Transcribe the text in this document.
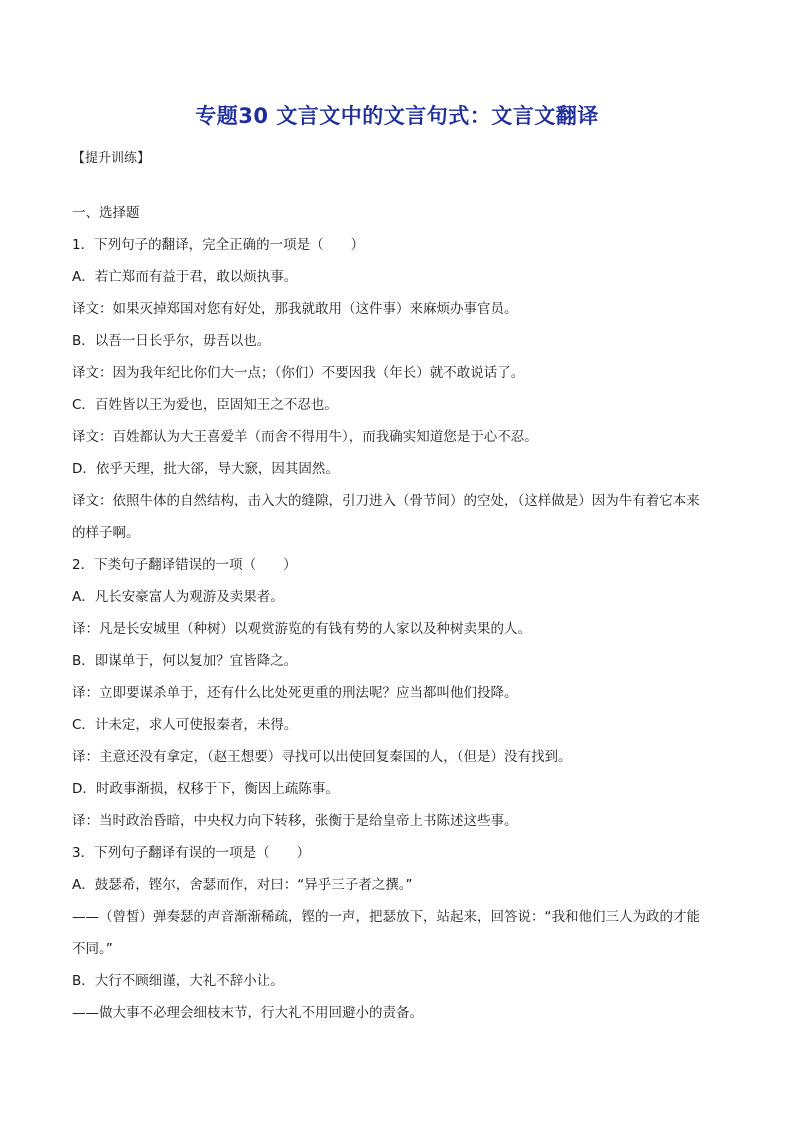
专题30 文言文中的文言句式：文言文翻译
【提升训练】
一、选择题
1．下列句子的翻译，完全正确的一项是（　　）
A．若亡郑而有益于君，敢以烦执事。
译文：如果灭掉郑国对您有好处，那我就敢用（这件事）来麻烦办事官员。
B．以吾一日长乎尔，毋吾以也。
译文：因为我年纪比你们大一点；（你们）不要因我（年长）就不敢说话了。
C．百姓皆以王为爱也，臣固知王之不忍也。
译文：百姓都认为大王喜爱羊（而舍不得用牛），而我确实知道您是于心不忍。
D．依乎天理，批大郤，导大窾，因其固然。
译文：依照牛体的自然结构，击入大的缝隙，引刀进入（骨节间）的空处，（这样做是）因为牛有着它本来
的样子啊。
2．下类句子翻译错误的一项（　　）
A．凡长安豪富人为观游及卖果者。
译：凡是长安城里（种树）以观赏游览的有钱有势的人家以及种树卖果的人。
B．即谋单于，何以复加？宜皆降之。
译：立即要谋杀单于，还有什么比处死更重的刑法呢？应当都叫他们投降。
C．计未定，求人可使报秦者，未得。
译：主意还没有拿定，（赵王想要）寻找可以出使回复秦国的人，（但是）没有找到。
D．时政事渐损，权移于下，衡因上疏陈事。
译：当时政治昏暗，中央权力向下转移，张衡于是给皇帝上书陈述这些事。
3．下列句子翻译有误的一项是（　　）
A．鼓瑟希，铿尔，舍瑟而作，对曰：“异乎三子者之撰。”
——（曾皙）弹奏瑟的声音渐渐稀疏，铿的一声，把瑟放下，站起来，回答说：“我和他们三人为政的才能
不同。”
B．大行不顾细谨，大礼不辞小让。
——做大事不必理会细枝末节，行大礼不用回避小的责备。
